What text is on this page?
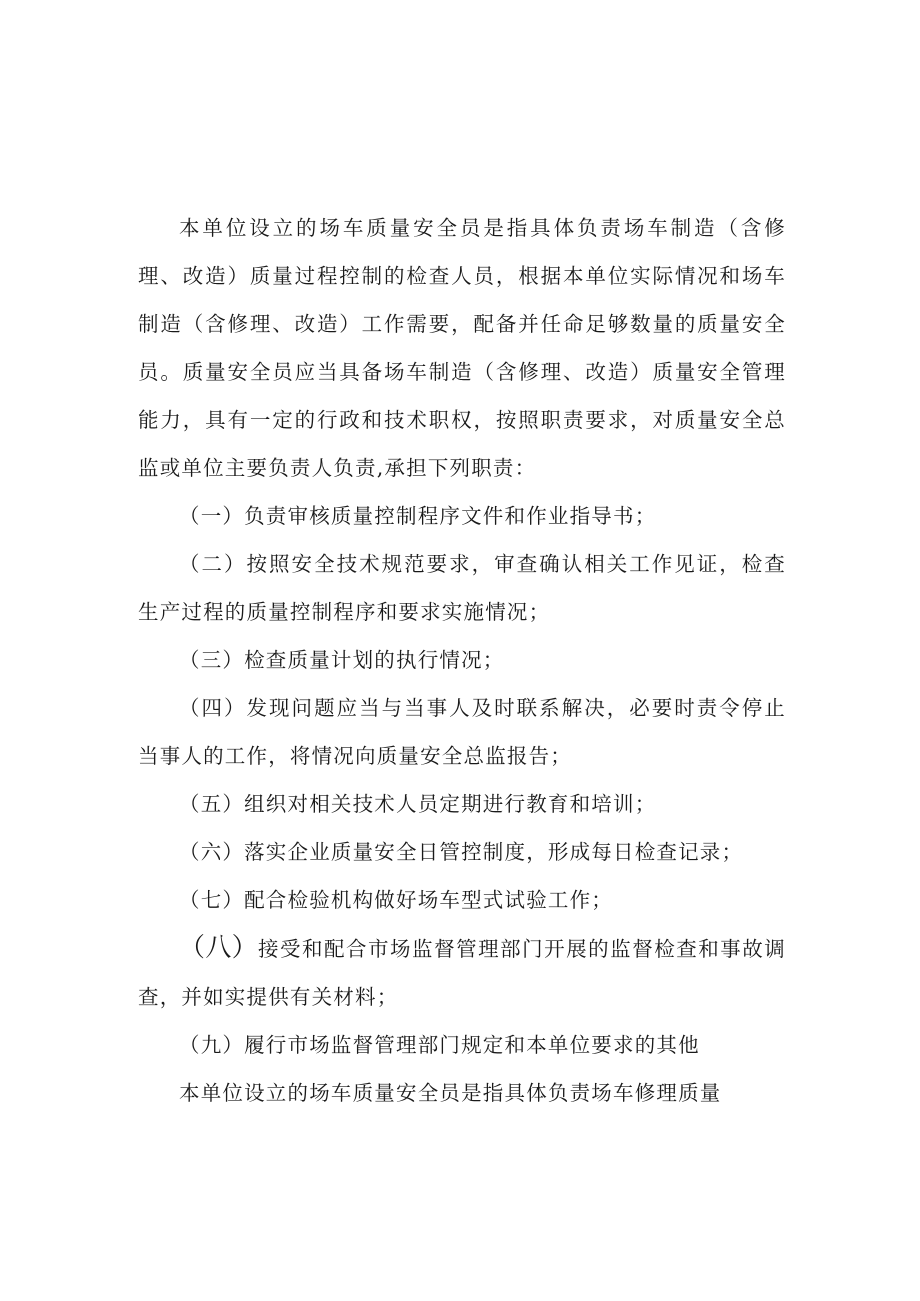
本单位设立的场车质量安全员是指具体负责场车制造（含修理、改造）质量过程控制的检查人员，根据本单位实际情况和场车制造（含修理、改造）工作需要，配备并任命足够数量的质量安全员。质量安全员应当具备场车制造（含修理、改造）质量安全管理能力，具有一定的行政和技术职权，按照职责要求，对质量安全总监或单位主要负责人负责,承担下列职责：

（一）负责审核质量控制程序文件和作业指导书；

（二）按照安全技术规范要求，审查确认相关工作见证，检查生产过程的质量控制程序和要求实施情况；

（三）检查质量计划的执行情况；

（四）发现问题应当与当事人及时联系解决，必要时责令停止当事人的工作，将情况向质量安全总监报告；

（五）组织对相关技术人员定期进行教育和培训；

（六）落实企业质量安全日管控制度，形成每日检查记录；

（七）配合检验机构做好场车型式试验工作；

（八）接受和配合市场监督管理部门开展的监督检查和事故调查，并如实提供有关材料；

（九）履行市场监督管理部门规定和本单位要求的其他

本单位设立的场车质量安全员是指具体负责场车修理质量
